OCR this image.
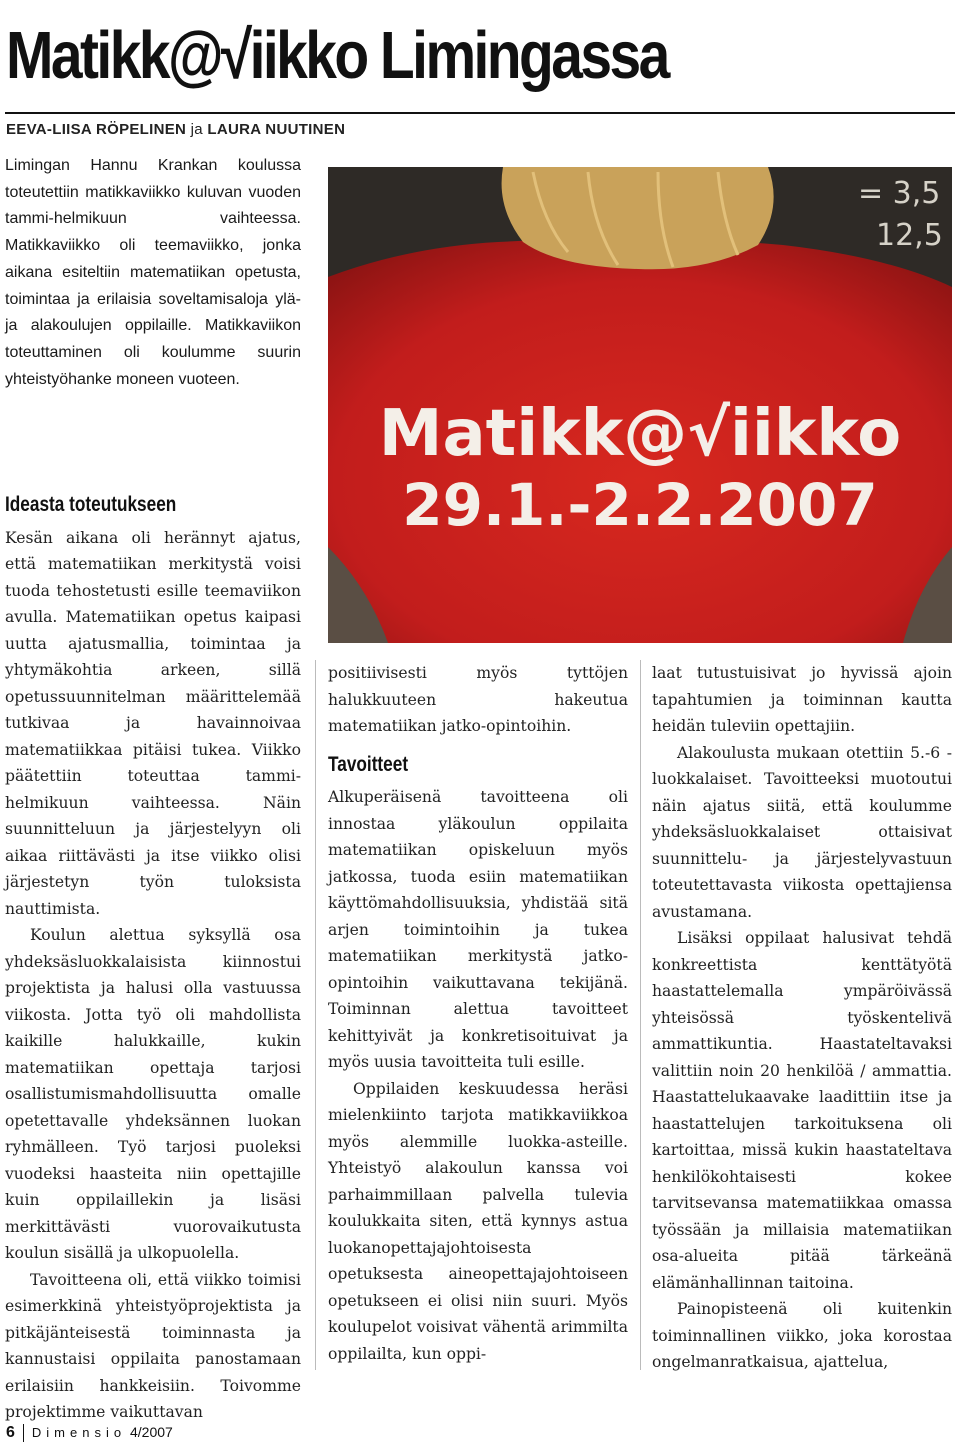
Matikk@√iikko Limingassa
EEVA-LIISA RÖPELINEN ja LAURA NUUTINEN

Limingan Hannu Krankan koulussa toteutettiin matikkaviikko kuluvan vuoden tammi-helmikuun vaihteessa. Matikkaviikko oli teemaviikko, jonka aikana esiteltiin matematiikan opetusta, toimintaa ja erilaisia soveltamisaloja ylä- ja alakoulujen oppilaille. Matikkaviikon toteuttaminen oli koulumme suurin yhteistyöhanke moneen vuoteen.

Ideasta toteutukseen

Kesän aikana oli herännyt ajatus, että matematiikan merkitystä voisi tuoda tehostetusti esille teemaviikon avulla. Matematiikan opetus kaipasi uutta ajatusmallia, toimintaa ja yhtymäkohtia arkeen, sillä opetussuunnitelman määrittelemää tutkivaa ja havainnoivaa matematiikkaa pitäisi tukea. Viikko päätettiin toteuttaa tammi-helmikuun vaihteessa. Näin suunnitteluun ja järjestelyyn oli aikaa riittävästi ja itse viikko olisi järjestetyn työn tuloksista nauttimista.

Koulun alettua syksyllä osa yhdeksäsluokkalaisista kiinnostui projektista ja halusi olla vastuussa viikosta. Jotta työ oli mahdollista kaikille halukkaille, kukin matematiikan opettaja tarjosi osallistumismahdollisuutta omalle opetettavalle yhdeksännen luokan ryhmälleen. Työ tarjosi puoleksi vuodeksi haasteita niin opettajille kuin oppilaillekin ja lisäsi merkittävästi vuorovaikutusta koulun sisällä ja ulkopuolella.

Tavoitteena oli, että viikko toimisi esimerkkinä yhteistyöprojektista ja pitkäjänteisestä toiminnasta ja kannustaisi oppilaita panostamaan erilaisiin hankkeisiin. Toivomme projektimme vaikuttavan

= 3,5
12,5
Matikk@√iikko
29.1.-2.2.2007

positiivisesti myös tyttöjen halukkuuteen hakeutua matematiikan jatko-opintoihin.

Tavoitteet

Alkuperäisenä tavoitteena oli innostaa yläkoulun oppilaita matematiikan opiskeluun myös jatkossa, tuoda esiin matematiikan käyttömahdollisuuksia, yhdistää sitä arjen toimintoihin ja tukea matematiikan merkitystä jatko-opintoihin vaikuttavana tekijänä. Toiminnan alettua tavoitteet kehittyivät ja konkretisoituivat ja myös uusia tavoitteita tuli esille.

Oppilaiden keskuudessa heräsi mielenkiinto tarjota matikkaviikkoa myös alemmille luokka-asteille. Yhteistyö alakoulun kanssa voi parhaimmillaan palvella tulevia koulukkaita siten, että kynnys astua luokanopettajajohtoisesta opetuksesta aineopettajajohtoiseen opetukseen ei olisi niin suuri. Myös koulupelot voisivat vähentä arimmilta oppilailta, kun oppi-

laat tutustuisivat jo hyvissä ajoin tapahtumien ja toiminnan kautta heidän tuleviin opettajiin.

Alakoulusta mukaan otettiin 5.-6 -luokkalaiset. Tavoitteeksi muotoutui näin ajatus siitä, että koulumme yhdeksäsluokkalaiset ottaisivat suunnittelu- ja järjestelyvastuun toteutettavasta viikosta opettajiensa avustamana.

Lisäksi oppilaat halusivat tehdä konkreettista kenttätyötä haastattelemalla ympäröivässä yhteisössä työskentelivä ammattikuntia. Haastateltavaksi valittiin noin 20 henkilöä / ammattia. Haastattelukaavake laadittiin itse ja haastattelujen tarkoituksena oli kartoittaa, missä kukin haastateltava henkilökohtaisesti kokee tarvitsevansa matematiikkaa omassa työssään ja millaisia matematiikan osa-alueita pitää tärkeänä elämänhallinnan taitoina.

Painopisteenä oli kuitenkin toiminnallinen viikko, joka korostaa ongelmanratkaisua, ajattelua,

6 Dimensio 4/2007
